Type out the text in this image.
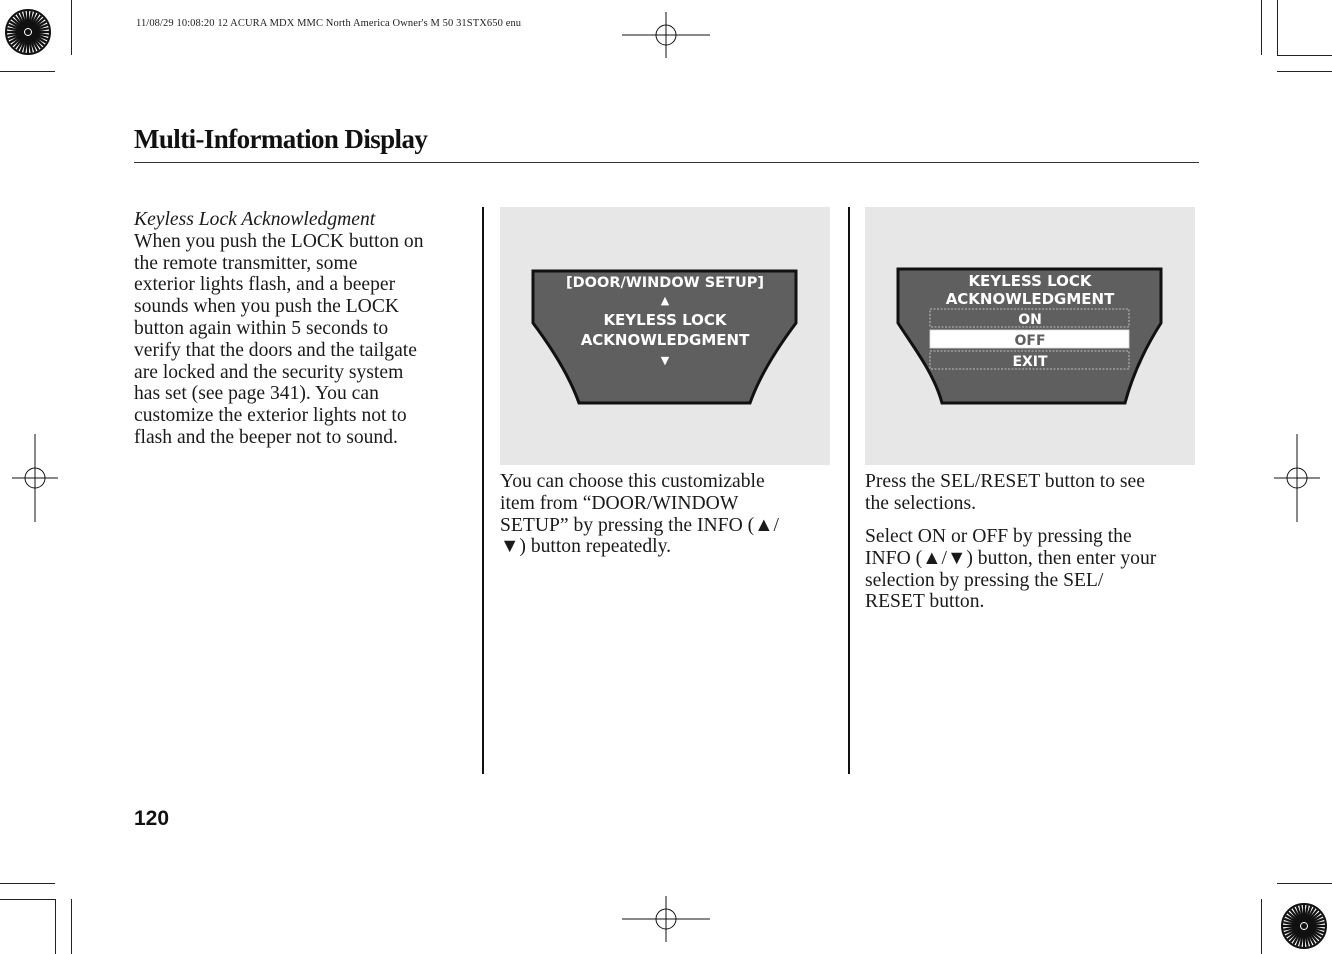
11/08/29 10:08:20 12 ACURA MDX MMC North America Owner's M 50 31STX650 enu
Multi-Information Display

Keyless Lock Acknowledgment

When you push the LOCK button on

the remote transmitter, some

exterior lights flash, and a beeper

sounds when you push the LOCK

button again within 5 seconds to

verify that the doors and the tailgate

are locked and the security system

has set (see page 341). You can

customize the exterior lights not to

flash and the beeper not to sound.

[DOOR/WINDOW SETUP]
▲
KEYLESS LOCK
ACKNOWLEDGMENT
▼

You can choose this customizable

item from “DOOR/WINDOW

SETUP” by pressing the INFO (▲/

▼) button repeatedly.

KEYLESS LOCK
ACKNOWLEDGMENT
ON
OFF
EXIT

Press the SEL/RESET button to see

the selections.

Select ON or OFF by pressing the

INFO (▲/▼) button, then enter your

selection by pressing the SEL/

RESET button.

120
